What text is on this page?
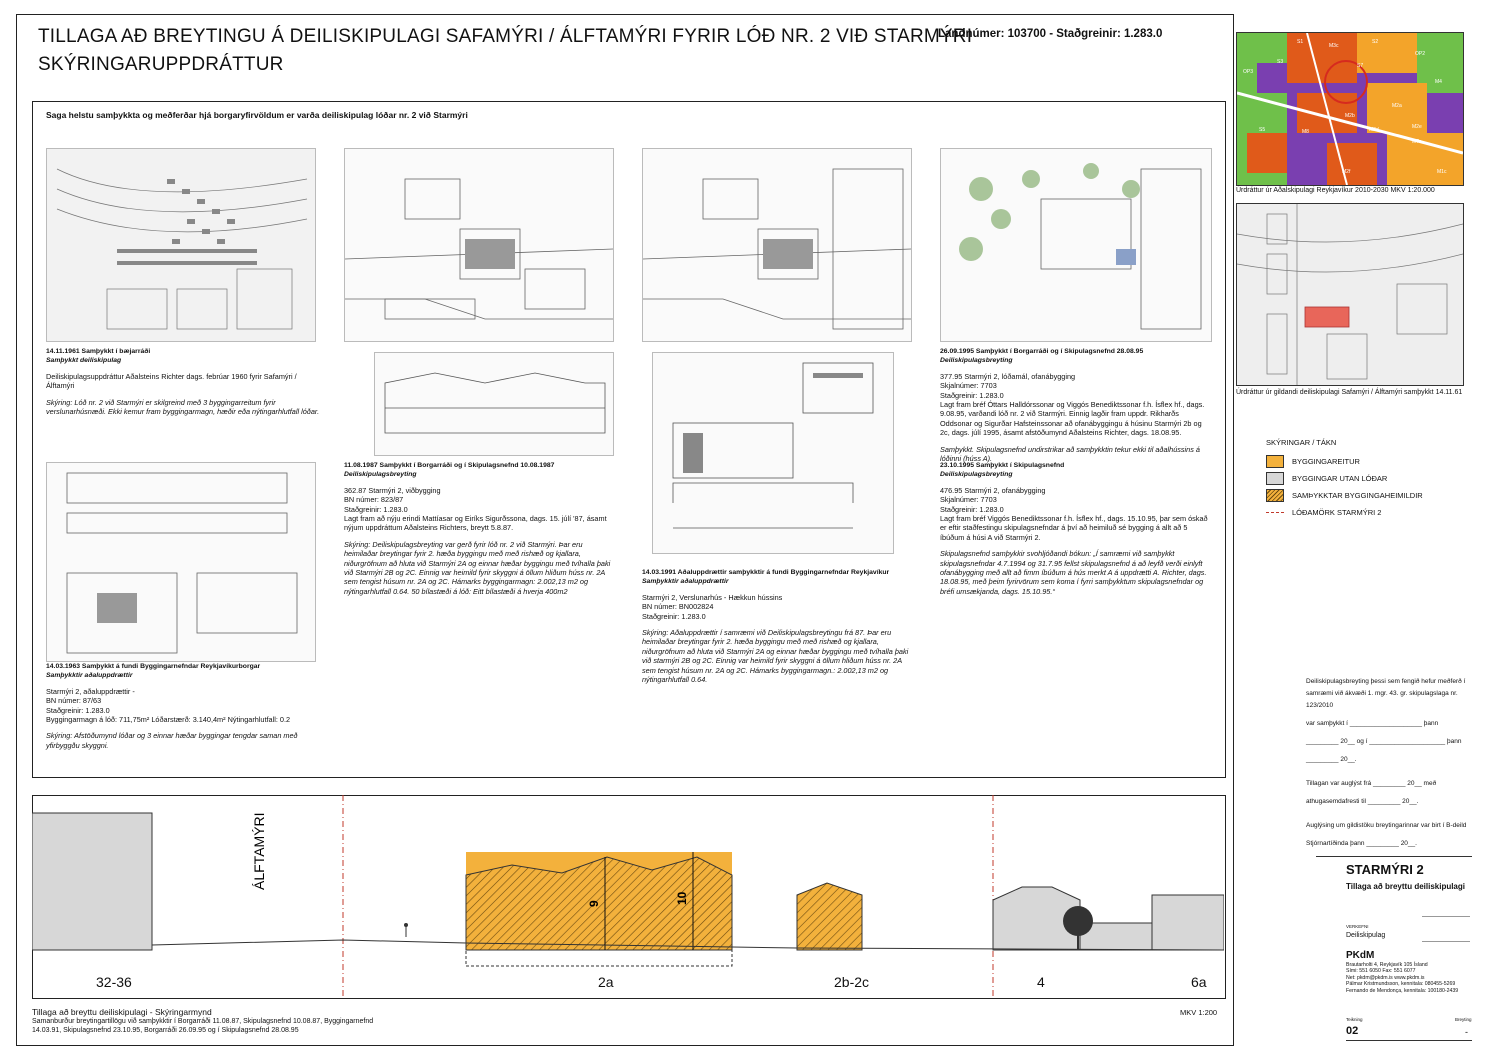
TILLAGA AÐ BREYTINGU Á DEILISKIPULAGI SAFAMÝRI / ÁLFTAMÝRI FYRIR LÓÐ NR. 2 VIÐ STARMÝRI
SKÝRINGARUPPDRÁTTUR
Landnúmer: 103700 - Staðgreinir: 1.283.0
Saga helstu samþykkta og meðferðar hjá borgaryfirvöldum er varða deiliskipulag lóðar nr. 2 við Starmýri
14.11.1961 Samþykkt í bæjarráði
Samþykkt deiliskipulag
Deiliskipulagsuppdráttur Aðalsteins Richter dags. febrúar 1960 fyrir Safamýri / Álftamýri
Skýring: Lóð nr. 2 við Starmýri er skilgreind með 3 byggingarreitum fyrir verslunarhúsnæði. Ekki kemur fram byggingarmagn, hæðir eða nýtingarhlutfall lóðar.
11.08.1987 Samþykkt í Borgarráði og í Skipulagsnefnd 10.08.1987
Deiliskipulagsbreyting
362.87 Starmýri 2, viðbygging
BN númer: 823/87
Staðgreinir: 1.283.0
Lagt fram að nýju erindi Mattíasar og Eiríks Sigurðssona, dags. 15. júlí '87, ásamt nýjum uppdráttum Aðalsteins Richters, breytt 5.8.87.
Skýring: Deiliskipulagsbreyting var gerð fyrir lóð nr. 2 við Starmýri. Þar eru heimilaðar breytingar fyrir 2. hæða byggingu með með rishæð og kjallara, niðurgröfnum að hluta við Starmýri 2A og einnar hæðar byggingu með tvíhalla þaki við Starmýri 2B og 2C. Einnig var heimild fyrir skyggni á öllum hliðum húss nr. 2A sem tengist húsum nr. 2A og 2C. Hámarks byggingarmagn: 2.002,13 m2 og nýtingarhlutfall 0.64. 50 bílastæði á lóð: Eitt bílastæði á hverja 400m2
14.03.1991 Aðaluppdrættir samþykktir á fundi Byggingarnefndar Reykjavíkur
Samþykktir aðaluppdrættir
Starmýri 2, Verslunarhús - Hækkun hússins
BN númer: BN002824
Staðgreinir: 1.283.0
Skýring: Aðaluppdrættir í samræmi við Deiliskipulagsbreytingu frá 87. Þar eru heimilaðar breytingar fyrir 2. hæða byggingu með með rishæð og kjallara, niðurgröfnum að hluta við Starmýri 2A og einnar hæðar byggingu með tvíhalla þaki við starmýri 2B og 2C. Einnig var heimild fyrir skyggni á öllum hliðum húss nr. 2A sem tengist húsum nr. 2A og 2C. Hámarks byggingarmagn.: 2.002,13 m2 og nýtingarhlutfall 0.64.
26.09.1995 Samþykkt í Borgarráði og í Skipulagsnefnd 28.08.95
Deiliskipulagsbreyting
377.95 Starmýri 2, lóðamál, ofanábygging
Skjalnúmer: 7703
Staðgreinir: 1.283.0
Lagt fram bréf Óttars Halldórssonar og Viggós Benediktssonar f.h. Ísflex hf., dags. 9.08.95, varðandi lóð nr. 2 við Starmýri. Einnig lagðir fram uppdr. Rikharðs Oddsonar og Sigurðar Hafsteinssonar að ofanábyggingu á húsinu Starmýri 2b og 2c, dags. júlí 1995, ásamt afstöðumynd Aðalsteins Richter, dags. 18.08.95.
Samþykkt. Skipulagsnefnd undirstrikar að samþykktin tekur ekki til aðalhússins á lóðinni (húss A).
23.10.1995 Samþykkt í Skipulagsnefnd
Deiliskipulagsbreyting
476.95 Starmýri 2, ofanábygging
Skjalnúmer: 7703
Staðgreinir: 1.283.0
Lagt fram bréf Viggós Benediktssonar f.h. Ísflex hf., dags. 15.10.95, þar sem óskað er eftir staðfestingu skipulagsnefndar á því að heimiluð sé bygging á allt að 5 íbúðum á húsi A við Starmýri 2.
Skipulagsnefnd samþykkir svohljóðandi bókun: „Í samræmi við samþykkt skipulagsnefndar 4.7.1994 og 31.7.95 fellst skipulagsnefnd á að leyfð verði einlyft ofanábygging með allt að fimm íbúðum á hús merkt A á uppdrætti A. Richter, dags. 18.08.95, með þeim fyrirvörum sem koma í fyrri samþykktum skipulagsnefndar og bréfi umsækjanda, dags. 15.10.95.“
14.03.1963 Samþykkt á fundi Byggingarnefndar Reykjavíkurborgar
Samþykktir aðaluppdrættir
Starmýri 2, aðaluppdrættir -
BN númer: 87/63
Staðgreinir: 1.283.0
Byggingarmagn á lóð: 711,75m² Lóðarstærð: 3.140,4m² Nýtingarhlutfall: 0.2
Skýring: Afstöðumynd lóðar og 3 einnar hæðar byggingar tengdar saman með yfirbyggðu skyggni.
M3c
S1	S2
OP2
S3
OP3
M2a
S7
M4
S5	M8	M2d
M2b
M7c
M2f	M1c
M2e
Úrdráttur úr Aðalskipulagi Reykjavíkur 2010-2030 MKV 1:20.000
Úrdráttur úr gildandi deiliskipulagi Safamýri / Álftamýri samþykkt 14.11.61
SKÝRINGAR / TÁKN
BYGGINGAREITUR
BYGGINGAR UTAN LÓÐAR
SAMÞYKKTAR BYGGINGAHEIMILDIR
LÓÐAMÖRK STARMÝRI 2
Deiliskipulagsbreyting þessi sem fengið hefur meðferð í
samræmi við ákvæði 1. mgr. 43. gr. skipulagslaga nr. 123/2010
var samþykkt í ____________________ þann
_________ 20__ og í _____________________ þann
_________ 20__.
Tillagan var auglýst frá _________ 20__ með
athugasemdafresti til _________ 20__.
Auglýsing um gildistöku breytingarinnar var birt í B-deild
Stjórnartíðinda þann _________ 20__.
STARMÝRI 2
Tillaga að breyttu deiliskipulagi
VERKEFNI
Deiliskipulag
PKdM
Brautarholti 4, Reykjavík 105 Ísland
Sími: 551 6050 Fax: 551 6077
Net: pkdm@pkdm.is www.pkdm.is
Pálmar Kristmundsson, kennitala: 080455-5269
Fernando de Mendonça, kennitala: 100180-2439
Teikning
02
Breyting
-
9	10
ÁLFTAMÝRI
32-36	2a	2b-2c	4	6a
Tillaga að breyttu deiliskipulagi - Skýringarmynd
Samanburður breytingartillögu við samþykktir í Borgarráði 11.08.87, Skipulagsnefnd 10.08.87, Byggingarnefnd
14.03.91, Skipulagsnefnd 23.10.95, Borgarráði 26.09.95 og í Skipulagsnefnd 28.08.95
MKV 1:200
